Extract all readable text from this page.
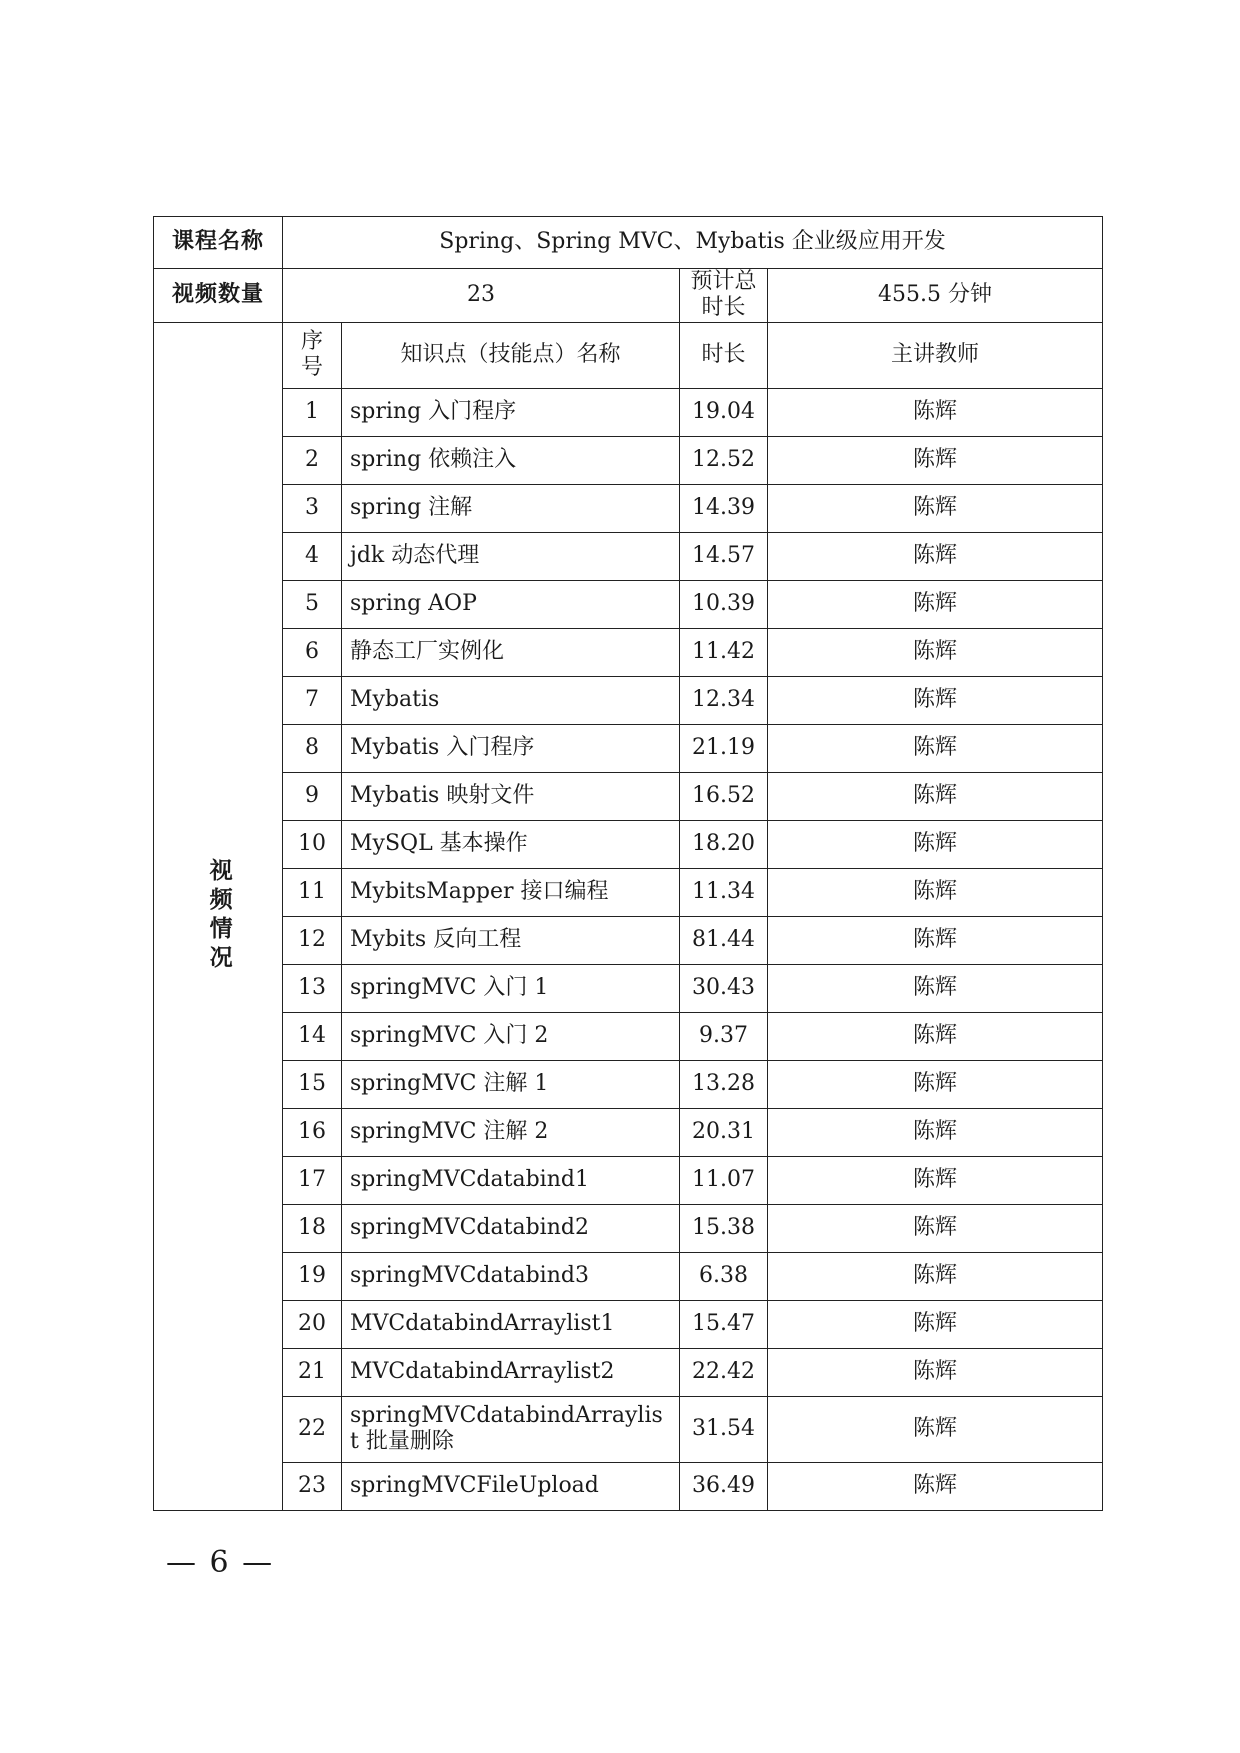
课程名称	Spring、Spring MVC、Mybatis 企业级应用开发			
视频数量	23		预计总时长	455.5 分钟

视频情况	序号	知识点（技能点）名称	时长	主讲教师
	1	spring 入门程序	19.04	陈辉
	2	spring 依赖注入	12.52	陈辉
	3	spring 注解	14.39	陈辉
	4	jdk 动态代理	14.57	陈辉
	5	spring AOP	10.39	陈辉
	6	静态工厂实例化	11.42	陈辉
	7	Mybatis	12.34	陈辉
	8	Mybatis 入门程序	21.19	陈辉
	9	Mybatis 映射文件	16.52	陈辉
	10	MySQL 基本操作	18.20	陈辉
	11	MybitsMapper 接口编程	11.34	陈辉
	12	Mybits 反向工程	81.44	陈辉
	13	springMVC 入门 1	30.43	陈辉
	14	springMVC 入门 2	9.37	陈辉
	15	springMVC 注解 1	13.28	陈辉
	16	springMVC 注解 2	20.31	陈辉
	17	springMVCdatabind1	11.07	陈辉
	18	springMVCdatabind2	15.38	陈辉
	19	springMVCdatabind3	6.38	陈辉
	20	MVCdatabindArraylist1	15.47	陈辉
	21	MVCdatabindArraylist2	22.42	陈辉
	22	springMVCdatabindArraylist 批量删除	31.54	陈辉
	23	springMVCFileUpload	36.49	陈辉
— 6 —
